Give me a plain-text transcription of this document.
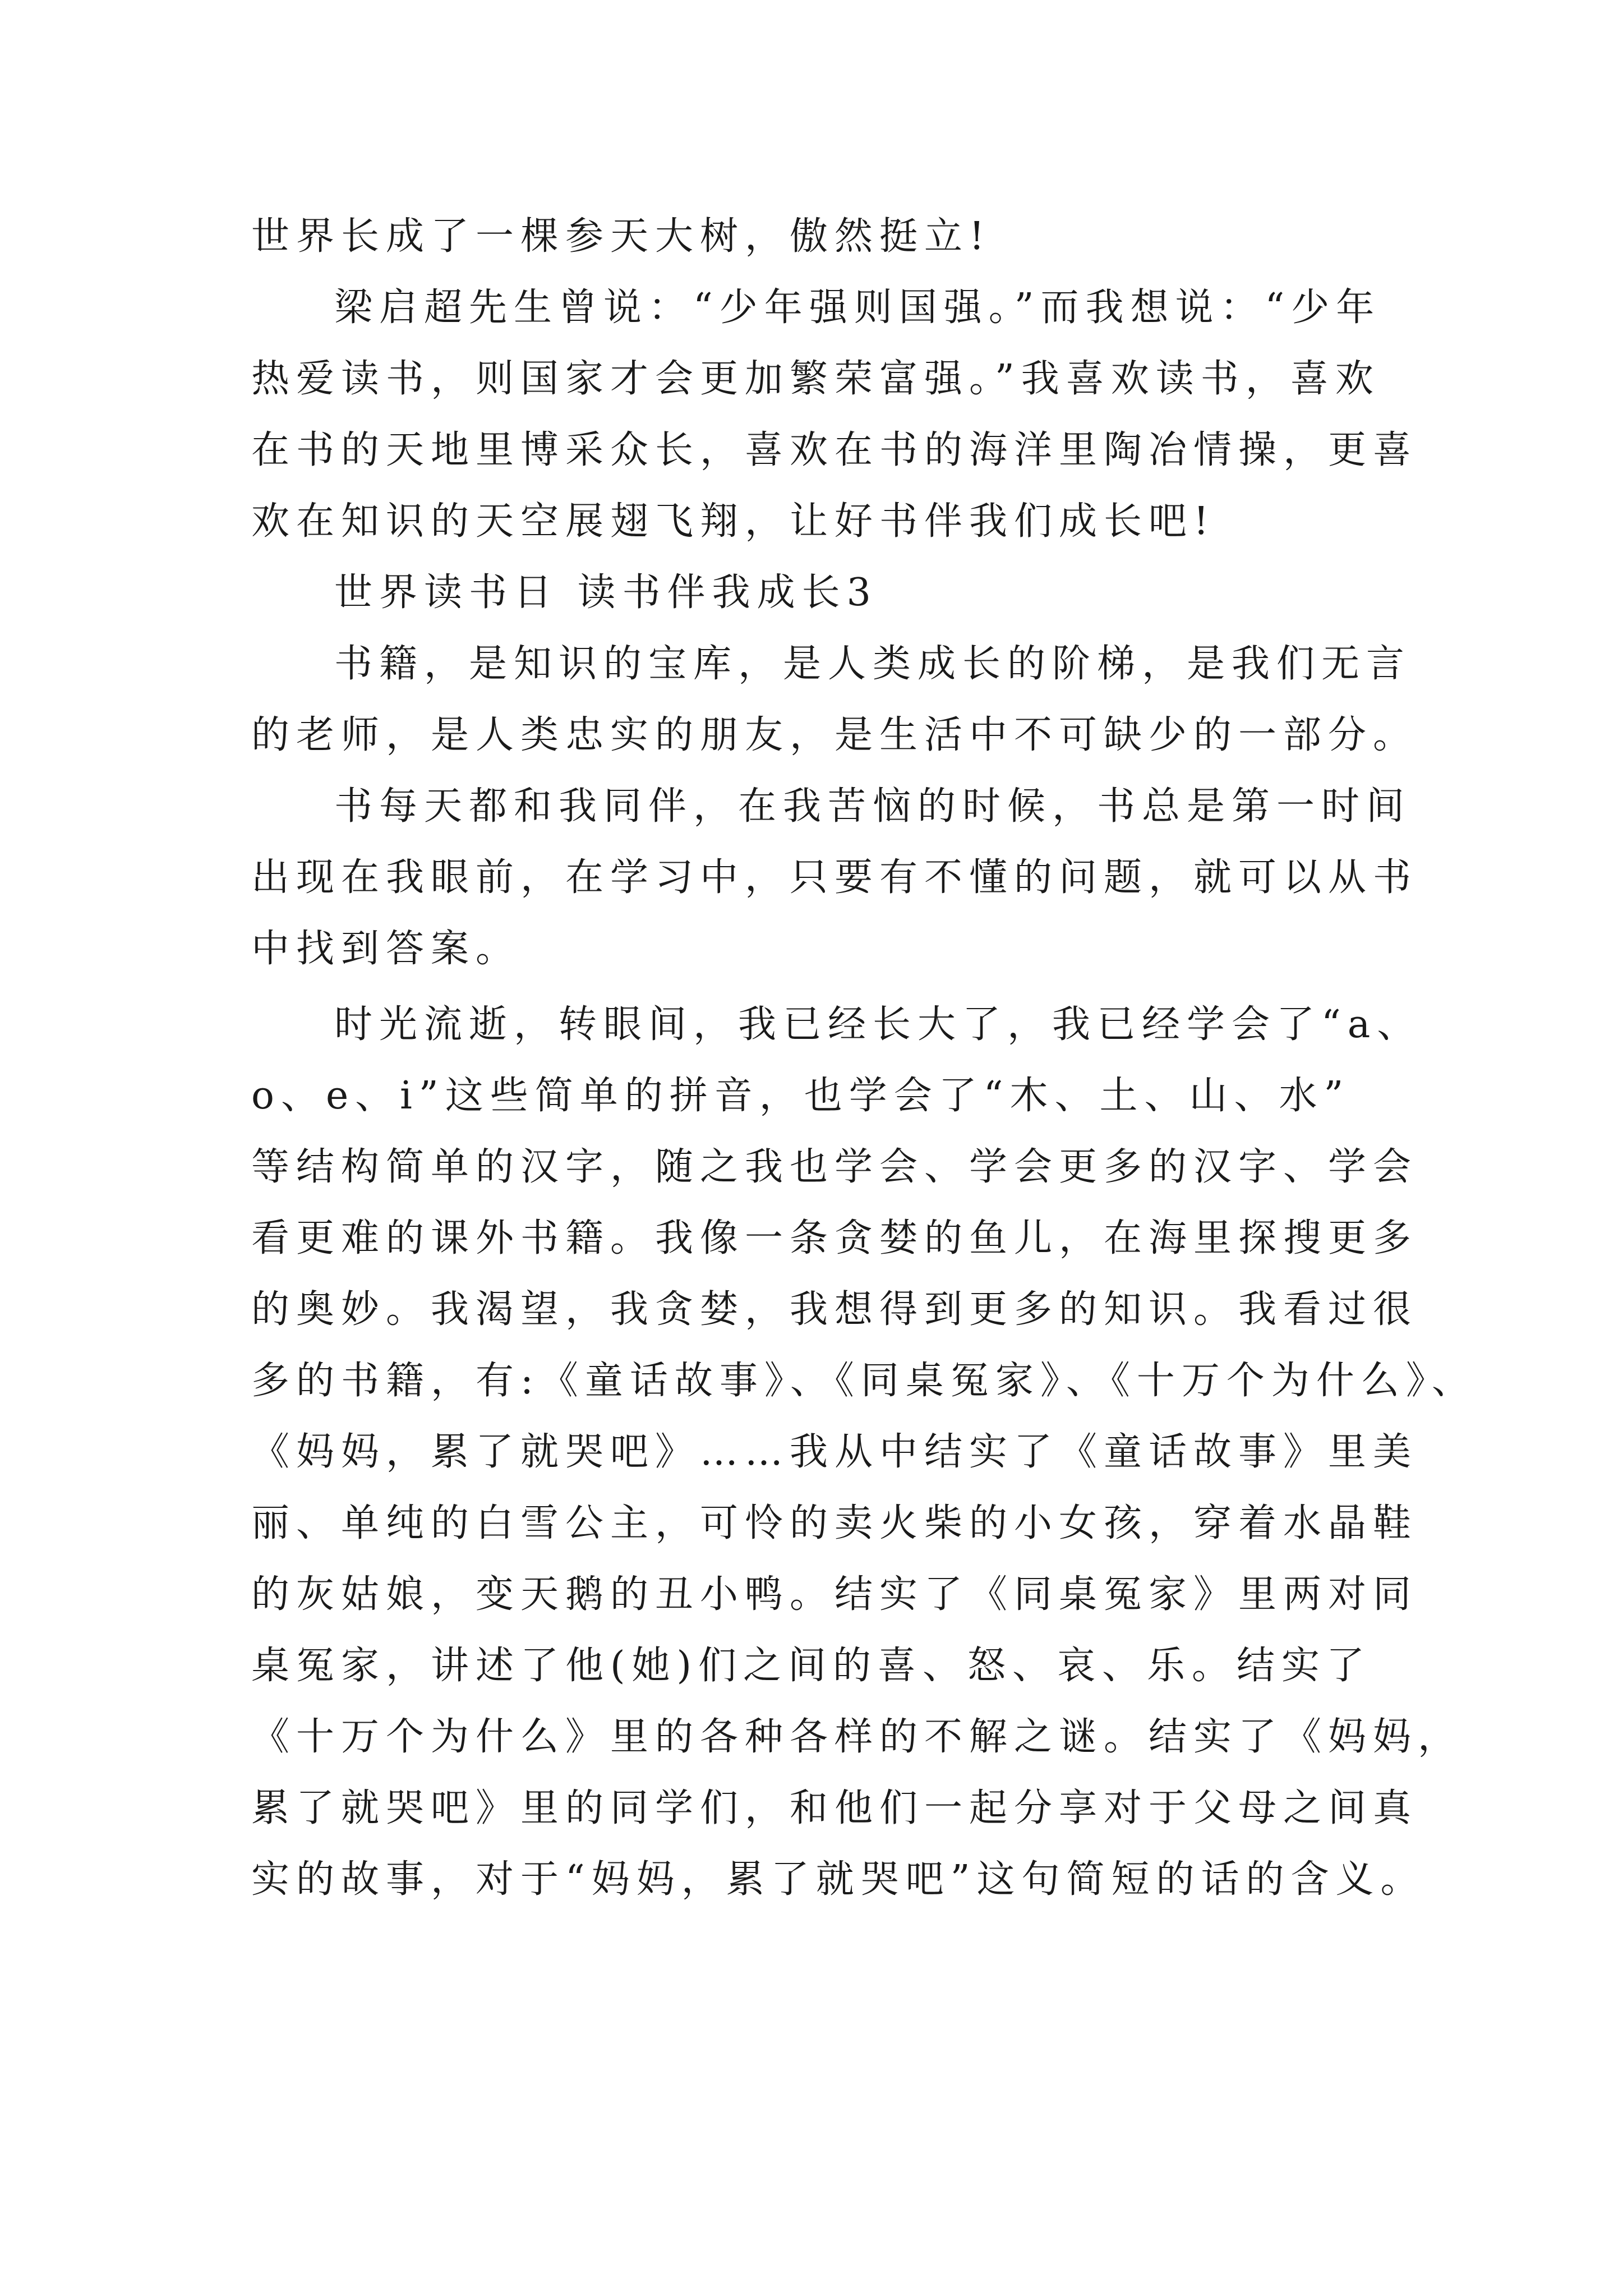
世界长成了一棵参天大树，傲然挺立!
梁启超先生曾说：“少年强则国强。”而我想说：“少年
热爱读书，则国家才会更加繁荣富强。”我喜欢读书，喜欢
在书的天地里博采众长，喜欢在书的海洋里陶冶情操，更喜
欢在知识的天空展翅飞翔，让好书伴我们成长吧!
世界读书日 读书伴我成长3
书籍，是知识的宝库，是人类成长的阶梯，是我们无言
的老师，是人类忠实的朋友，是生活中不可缺少的一部分。
书每天都和我同伴，在我苦恼的时候，书总是第一时间
出现在我眼前，在学习中，只要有不懂的问题，就可以从书
中找到答案。
时光流逝，转眼间，我已经长大了，我已经学会了“a、
o、e、i”这些简单的拼音，也学会了“木、土、山、水”
等结构简单的汉字，随之我也学会、学会更多的汉字、学会
看更难的课外书籍。我像一条贪婪的鱼儿，在海里探搜更多
的奥妙。我渴望，我贪婪，我想得到更多的知识。我看过很
多的书籍，有:《童话故事》、《同桌冤家》、《十万个为什么》、
《妈妈，累了就哭吧》……我从中结实了《童话故事》里美
丽、单纯的白雪公主，可怜的卖火柴的小女孩，穿着水晶鞋
的灰姑娘，变天鹅的丑小鸭。结实了《同桌冤家》里两对同
桌冤家，讲述了他(她)们之间的喜、怒、哀、乐。结实了
《十万个为什么》里的各种各样的不解之谜。结实了《妈妈，
累了就哭吧》里的同学们，和他们一起分享对于父母之间真
实的故事，对于“妈妈，累了就哭吧”这句简短的话的含义。
